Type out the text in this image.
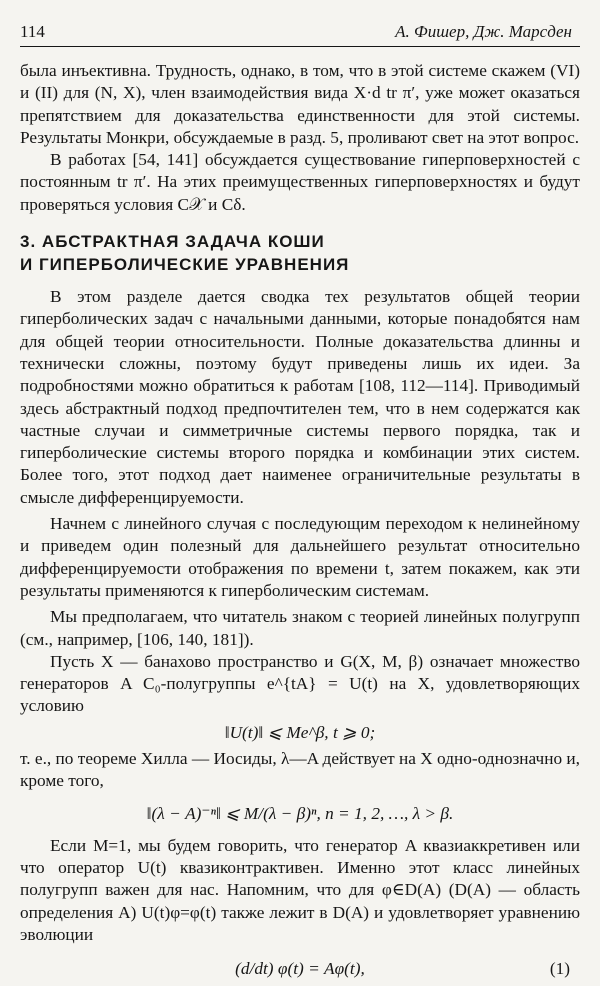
114	А. Фишер, Дж. Марсден

была инъективна. Трудность, однако, в том, что в этой системе скажем (VI) и (II) для (N, X), член взаимодействия вида X·d tr π′, уже может оказаться препятствием для доказательства единственности для этой системы. Результаты Монкри, обсуждаемые в разд. 5, проливают свет на этот вопрос.

В работах [54, 141] обсуждается существование гиперповерхностей с постоянным tr π′. На этих преимущественных гиперповерхностях и будут проверяться условия C𝒳 и Cδ.

3. АБСТРАКТНАЯ ЗАДАЧА КОШИ
И ГИПЕРБОЛИЧЕСКИЕ УРАВНЕНИЯ

В этом разделе дается сводка тех результатов общей теории гиперболических задач с начальными данными, которые понадобятся нам для общей теории относительности. Полные доказательства длинны и технически сложны, поэтому будут приведены лишь их идеи. За подробностями можно обратиться к работам [108, 112—114]. Приводимый здесь абстрактный подход предпочтителен тем, что в нем содержатся как частные случаи и симметричные системы первого порядка, так и гиперболические системы второго порядка и комбинации этих систем. Более того, этот подход дает наименее ограничительные результаты в смысле дифференцируемости.

Начнем с линейного случая с последующим переходом к нелинейному и приведем один полезный для дальнейшего результат относительно дифференцируемости отображения по времени t, затем покажем, как эти результаты применяются к гиперболическим системам.

Мы предполагаем, что читатель знаком с теорией линейных полугрупп (см., например, [106, 140, 181]).

Пусть X — банахово пространство и G(X, M, β) означает множество генераторов A C₀-полугруппы e^{tA} = U(t) на X, удовлетворяющих условию

‖U(t)‖ ⩽ Me^β, t ⩾ 0;

т. е., по теореме Хилла — Иосиды, λ—A действует на X одно-однозначно и, кроме того,

‖(λ − A)⁻ⁿ‖ ⩽ M/(λ − β)ⁿ, n = 1, 2, …, λ > β.

Если M=1, мы будем говорить, что генератор A квазиаккретивен или что оператор U(t) квазиконтрактивен. Именно этот класс линейных полугрупп важен для нас. Напомним, что для φ∈D(A) (D(A) — область определения A) U(t)φ=φ(t) также лежит в D(A) и удовлетворяет уравнению эволюции

(d/dt) φ(t) = Aφ(t),	(1)
